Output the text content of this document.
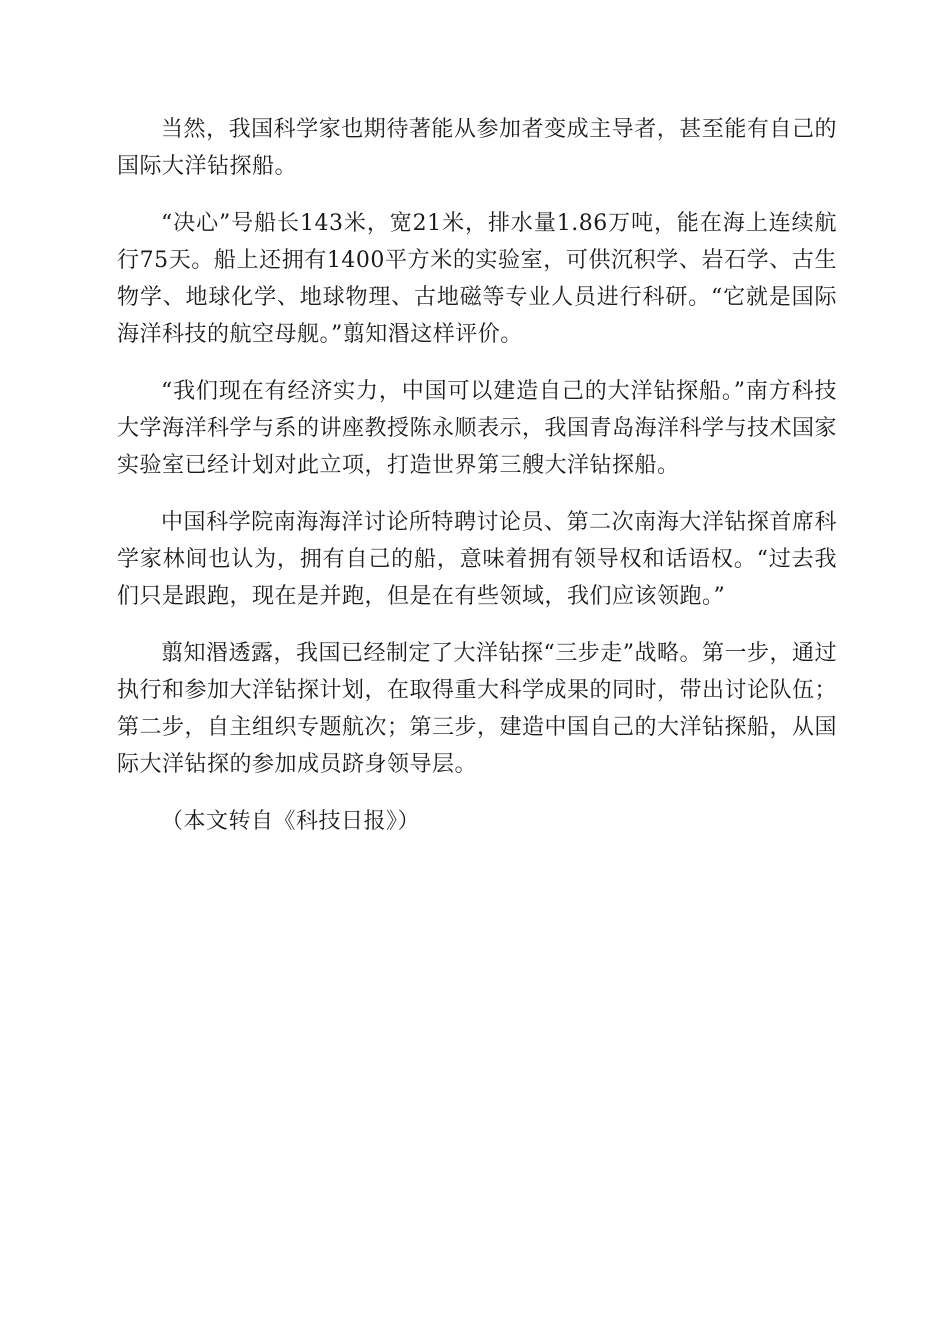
当然，我国科学家也期待著能从参加者变成主导者，甚至能有自己的国际大洋钻探船。

“决心”号船长143米，宽21米，排水量1.86万吨，能在海上连续航行75天。船上还拥有1400平方米的实验室，可供沉积学、岩石学、古生物学、地球化学、地球物理、古地磁等专业人员进行科研。“它就是国际海洋科技的航空母舰。”翦知湣这样评价。

“我们现在有经济实力，中国可以建造自己的大洋钻探船。”南方科技大学海洋科学与系的讲座教授陈永顺表示，我国青岛海洋科学与技术国家实验室已经计划对此立项，打造世界第三艘大洋钻探船。

中国科学院南海海洋讨论所特聘讨论员、第二次南海大洋钻探首席科学家林间也认为，拥有自己的船，意味着拥有领导权和话语权。“过去我们只是跟跑，现在是并跑，但是在有些领域，我们应该领跑。”

翦知湣透露，我国已经制定了大洋钻探“三步走”战略。第一步，通过执行和参加大洋钻探计划，在取得重大科学成果的同时，带出讨论队伍；第二步，自主组织专题航次；第三步，建造中国自己的大洋钻探船，从国际大洋钻探的参加成员跻身领导层。

（本文转自《科技日报》）
